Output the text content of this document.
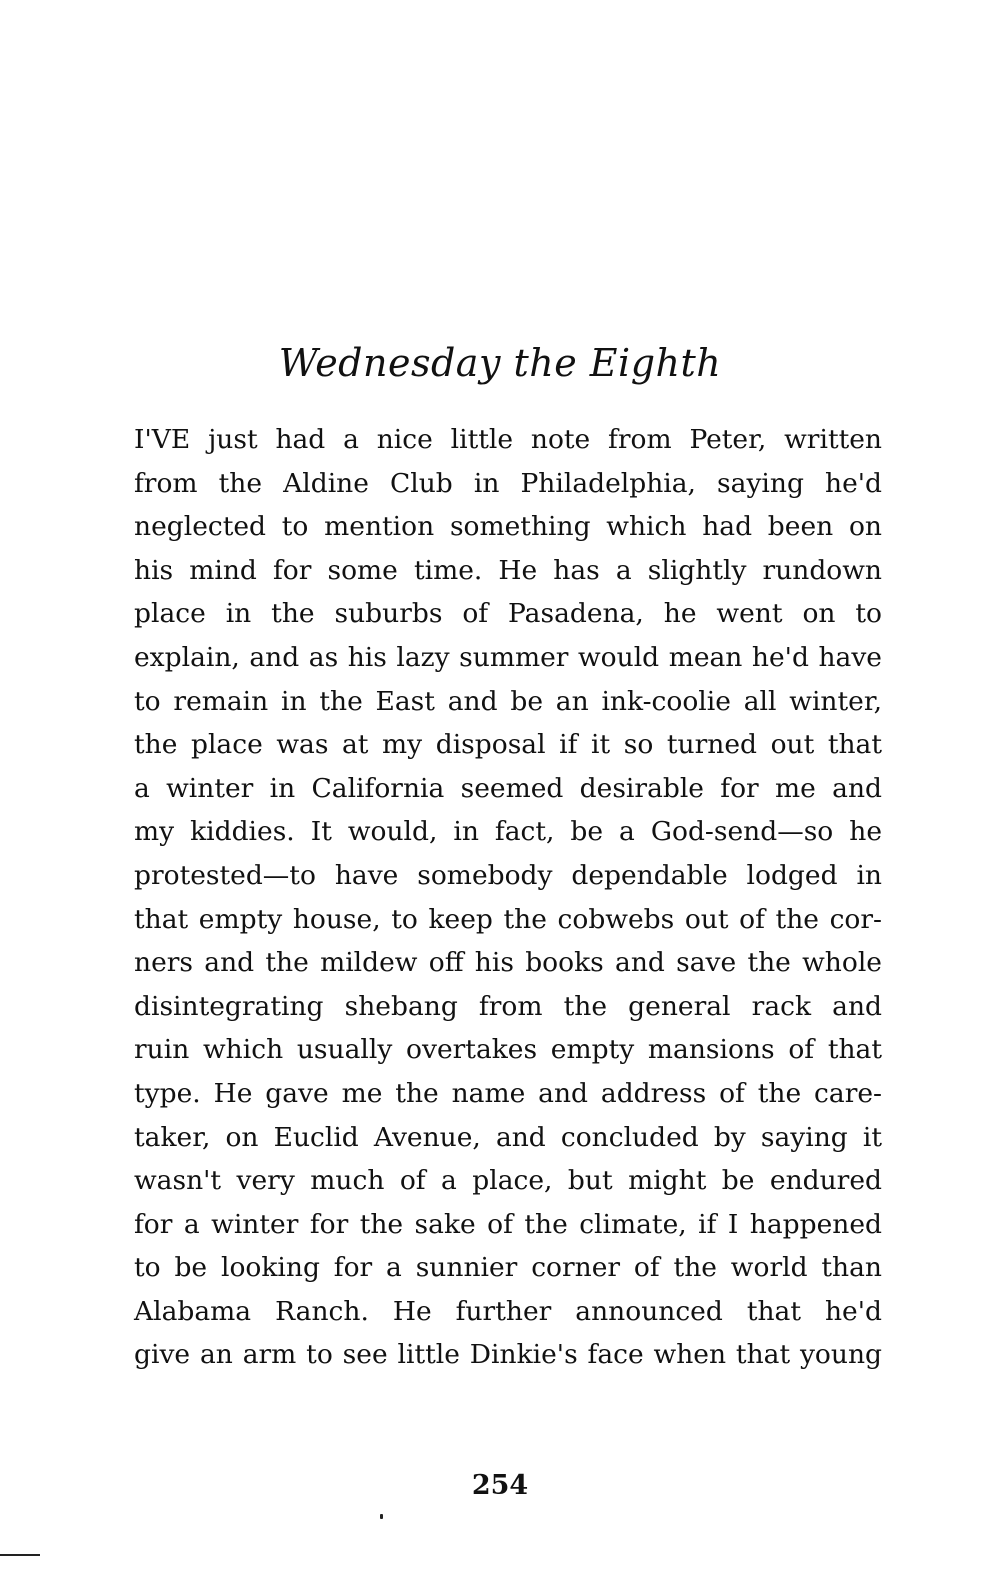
Wednesday the Eighth
I'VE just had a nice little note from Peter, written
from the Aldine Club in Philadelphia, saying he'd
neglected to mention something which had been on
his mind for some time. He has a slightly rundown
place in the suburbs of Pasadena, he went on to
explain, and as his lazy summer would mean he'd have
to remain in the East and be an ink-coolie all winter,
the place was at my disposal if it so turned out that
a winter in California seemed desirable for me and
my kiddies. It would, in fact, be a God-send—so he
protested—to have somebody dependable lodged in
that empty house, to keep the cobwebs out of the cor-
ners and the mildew off his books and save the whole
disintegrating shebang from the general rack and
ruin which usually overtakes empty mansions of that
type. He gave me the name and address of the care-
taker, on Euclid Avenue, and concluded by saying it
wasn't very much of a place, but might be endured
for a winter for the sake of the climate, if I happened
to be looking for a sunnier corner of the world than
Alabama Ranch. He further announced that he'd
give an arm to see little Dinkie's face when that young
254
